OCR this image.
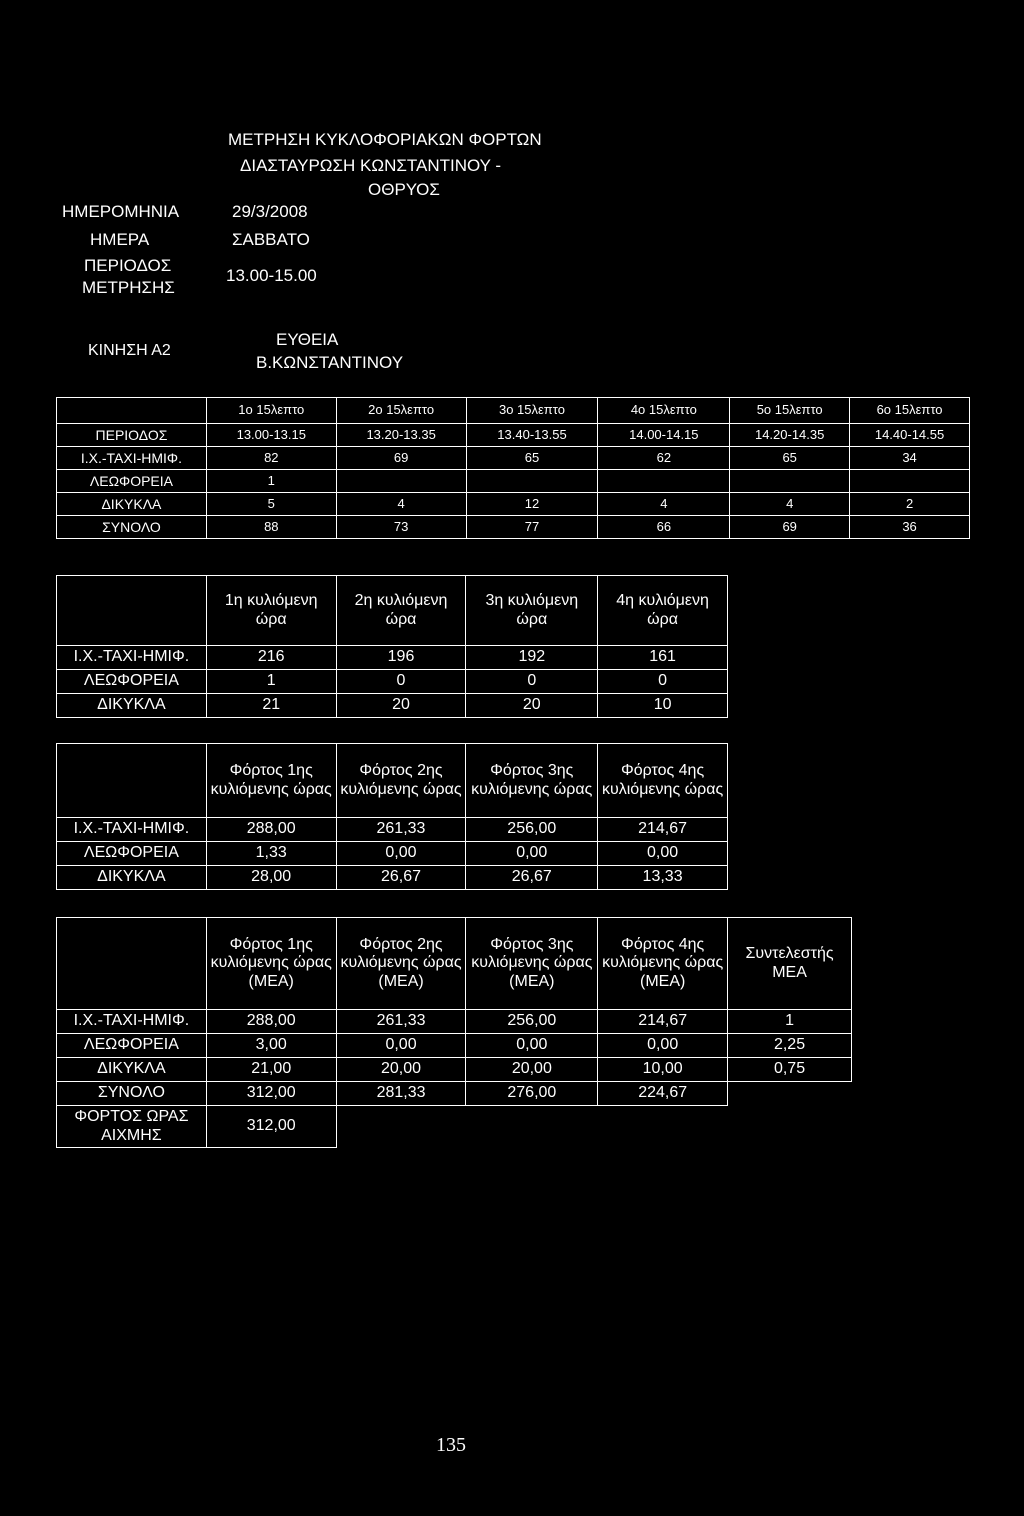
ΜΕΤΡΗΣΗ ΚΥΚΛΟΦΟΡΙΑΚΩΝ ΦΟΡΤΩΝ
ΔΙΑΣΤΑΥΡΩΣΗ ΚΩΝΣΤΑΝΤΙΝΟΥ -
ΟΘΡΥΟΣ
ΗΜΕΡΟΜΗΝΙΑ	29/3/2008
ΗΜΕΡΑ	ΣΑΒΒΑΤΟ
ΠΕΡΙΟΔΟΣ
ΜΕΤΡΗΣΗΣ
13.00-15.00
ΚΙΝΗΣΗ Α2
ΕΥΘΕΙΑ
Β.ΚΩΝΣΤΑΝΤΙΝΟΥ
	1ο 15λεπτο	2ο 15λεπτο	3ο 15λεπτο	4ο 15λεπτο	5ο 15λεπτο	6ο 15λεπτο
ΠΕΡΙΟΔΟΣ	13.00-13.15	13.20-13.35	13.40-13.55	14.00-14.15	14.20-14.35	14.40-14.55
Ι.Χ.-ΤΑΧΙ-ΗΜΙΦ.	82	69	65	62	65	34
ΛΕΩΦΟΡΕΙΑ	1					
ΔΙΚΥΚΛΑ	5	4	12	4	4	2
ΣΥΝΟΛΟ	88	73	77	66	69	36
	1η κυλιόμενη ώρα	2η κυλιόμενη ώρα	3η κυλιόμενη ώρα	4η κυλιόμενη ώρα
Ι.Χ.-ΤΑΧΙ-ΗΜΙΦ.	216	196	192	161
ΛΕΩΦΟΡΕΙΑ	1	0	0	0
ΔΙΚΥΚΛΑ	21	20	20	10
	Φόρτος 1ης κυλιόμενης ώρας	Φόρτος 2ης κυλιόμενης ώρας	Φόρτος 3ης κυλιόμενης ώρας	Φόρτος 4ης κυλιόμενης ώρας
Ι.Χ.-ΤΑΧΙ-ΗΜΙΦ.	288,00	261,33	256,00	214,67
ΛΕΩΦΟΡΕΙΑ	1,33	0,00	0,00	0,00
ΔΙΚΥΚΛΑ	28,00	26,67	26,67	13,33
	Φόρτος 1ης κυλιόμενης ώρας (ΜΕΑ)	Φόρτος 2ης κυλιόμενης ώρας (ΜΕΑ)	Φόρτος 3ης κυλιόμενης ώρας (ΜΕΑ)	Φόρτος 4ης κυλιόμενης ώρας (ΜΕΑ)	Συντελεστής ΜΕΑ
Ι.Χ.-ΤΑΧΙ-ΗΜΙΦ.	288,00	261,33	256,00	214,67	1
ΛΕΩΦΟΡΕΙΑ	3,00	0,00	0,00	0,00	2,25
ΔΙΚΥΚΛΑ	21,00	20,00	20,00	10,00	0,75
ΣΥΝΟΛΟ	312,00	281,33	276,00	224,67	

ΦΟΡΤΟΣ ΩΡΑΣ
ΑΙΧΜΗΣ	312,00				
135
